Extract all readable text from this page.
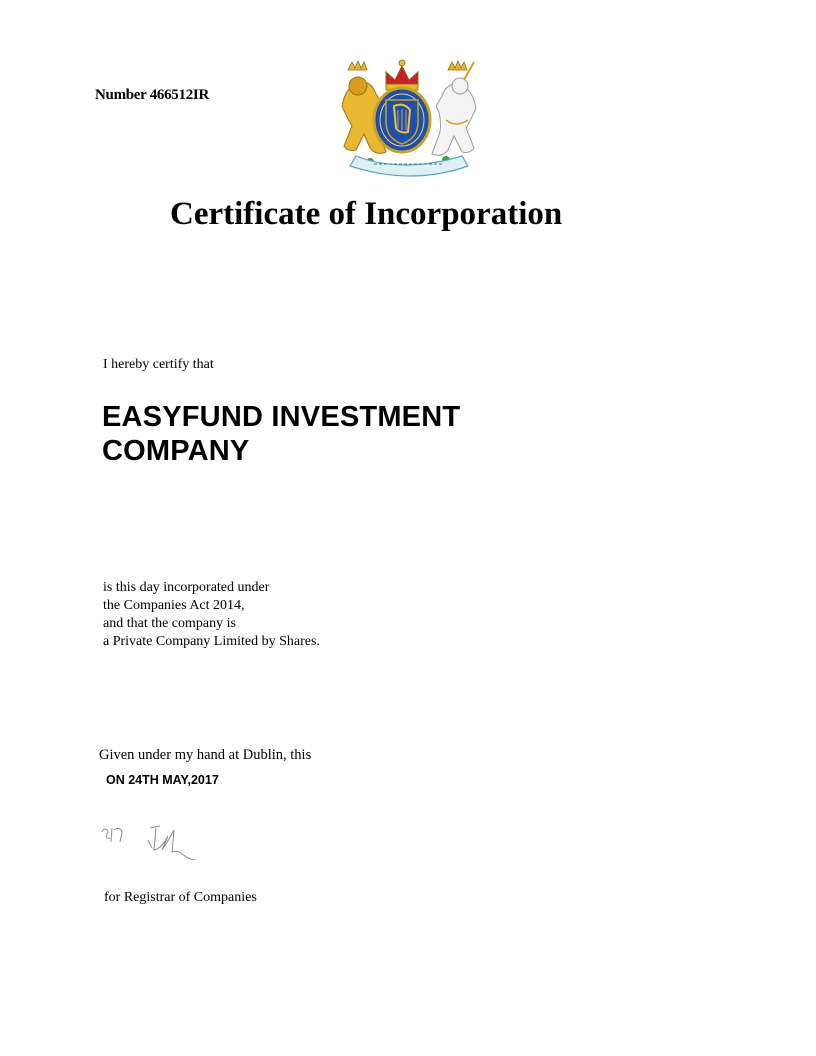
Number 466512IR
Certificate of Incorporation
I hereby certify that
EASYFUND INVESTMENT
COMPANY
is this day incorporated under
the Companies Act 2014,
and that the company is
a Private Company Limited by Shares.
Given under my hand at Dublin, this
ON 24TH MAY,2017
for Registrar of Companies
